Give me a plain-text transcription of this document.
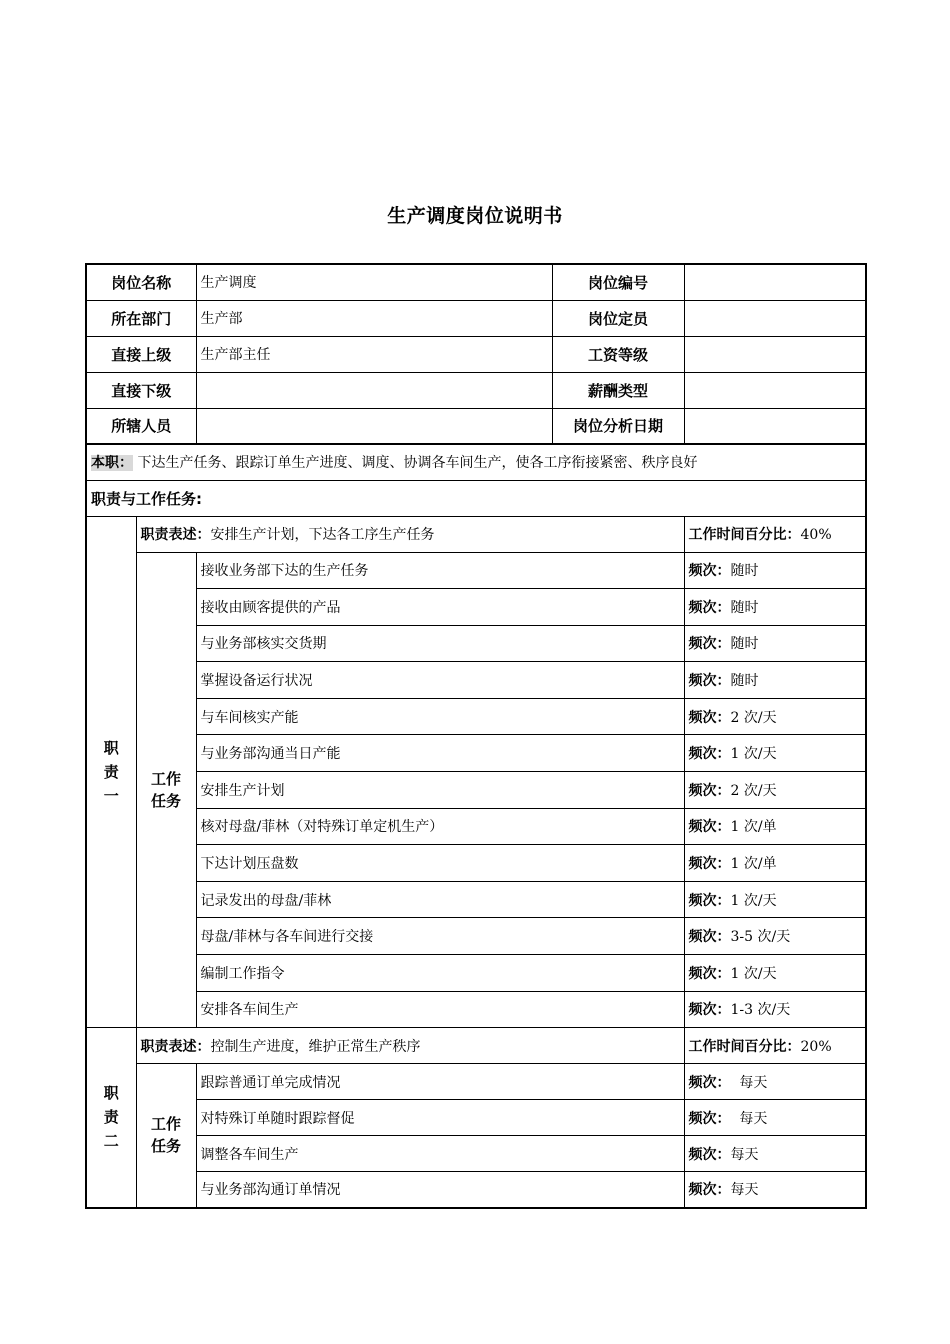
生产调度岗位说明书
岗位名称		生产调度	岗位编号	
所在部门		生产部	岗位定员	
直接上级		生产部主任	工资等级	
直接下级			薪酬类型	
所辖人员			岗位分析日期	
本职： 下达生产任务、跟踪订单生产进度、调度、协调各车间生产，使各工序衔接紧密、秩序良好				
职责与工作任务:				
职责一	职责表述：安排生产计划，下达各工序生产任务			工作时间百分比：40%
	工作任务	接收业务部下达的生产任务		频次：随时
		接收由顾客提供的产品		频次：随时
		与业务部核实交货期		频次：随时
		掌握设备运行状况		频次：随时
		与车间核实产能		频次：2 次/天
		与业务部沟通当日产能		频次：1 次/天
		安排生产计划		频次：2 次/天
		核对母盘/菲林（对特殊订单定机生产）		频次：1 次/单
		下达计划压盘数		频次：1 次/单
		记录发出的母盘/菲林		频次：1 次/天
		母盘/菲林与各车间进行交接		频次：3-5 次/天
		编制工作指令		频次：1 次/天
		安排各车间生产		频次：1-3 次/天
职责二	职责表述：控制生产进度，维护正常生产秩序			工作时间百分比：20%
	工作任务	跟踪普通订单完成情况		频次：  每天
		对特殊订单随时跟踪督促		频次：  每天
		调整各车间生产		频次：每天
		与业务部沟通订单情况		频次：每天
